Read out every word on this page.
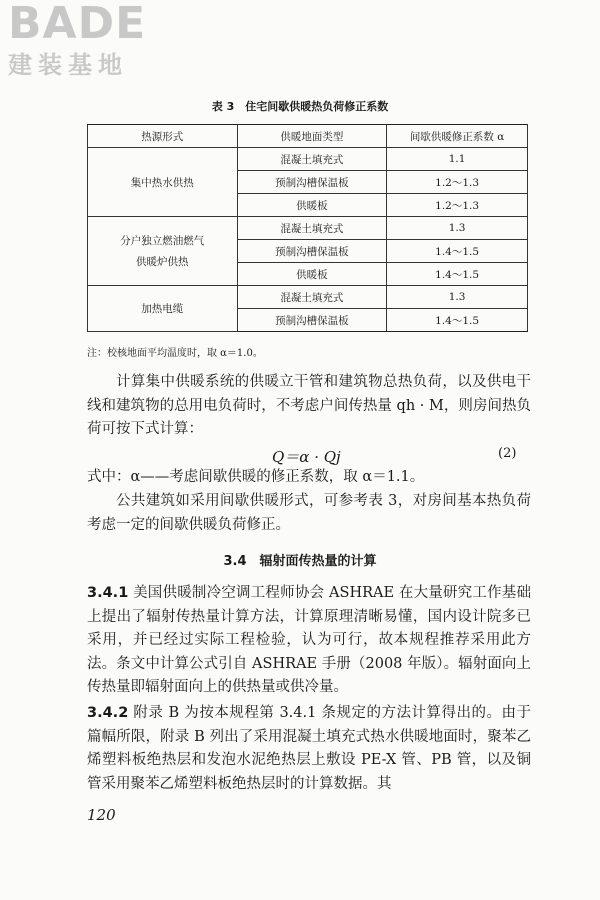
BADE
建装基地
表 3　住宅间歇供暖热负荷修正系数
热源形式	供暖地面类型	间歇供暖修正系数 α
集中热水供热	混凝土填充式	1.1
	预制沟槽保温板	1.2～1.3
	供暖板	1.2～1.3

分户独立燃油燃气
供暖炉供热	混凝土填充式	1.3
	预制沟槽保温板	1.4～1.5
	供暖板	1.4～1.5
加热电缆	混凝土填充式	1.3
	预制沟槽保温板	1.4～1.5
注：校核地面平均温度时，取 α＝1.0。
计算集中供暖系统的供暖立干管和建筑物总热负荷，以及供电干线和建筑物的总用电负荷时，不考虑户间传热量 qh · M，则房间热负荷可按下式计算：
Q＝α · Qj	(2)
式中：α——考虑间歇供暖的修正系数，取 α＝1.1。
公共建筑如采用间歇供暖形式，可参考表 3，对房间基本热负荷考虑一定的间歇供暖负荷修正。
3.4　辐射面传热量的计算
3.4.1 美国供暖制冷空调工程师协会 ASHRAE 在大量研究工作基础上提出了辐射传热量计算方法，计算原理清晰易懂，国内设计院多已采用，并已经过实际工程检验，认为可行，故本规程推荐采用此方法。条文中计算公式引自 ASHRAE 手册（2008 年版）。辐射面向上传热量即辐射面向上的供热量或供冷量。
3.4.2 附录 B 为按本规程第 3.4.1 条规定的方法计算得出的。由于篇幅所限，附录 B 列出了采用混凝土填充式热水供暖地面时，聚苯乙烯塑料板绝热层和发泡水泥绝热层上敷设 PE-X 管、PB 管，以及铜管采用聚苯乙烯塑料板绝热层时的计算数据。其
120
